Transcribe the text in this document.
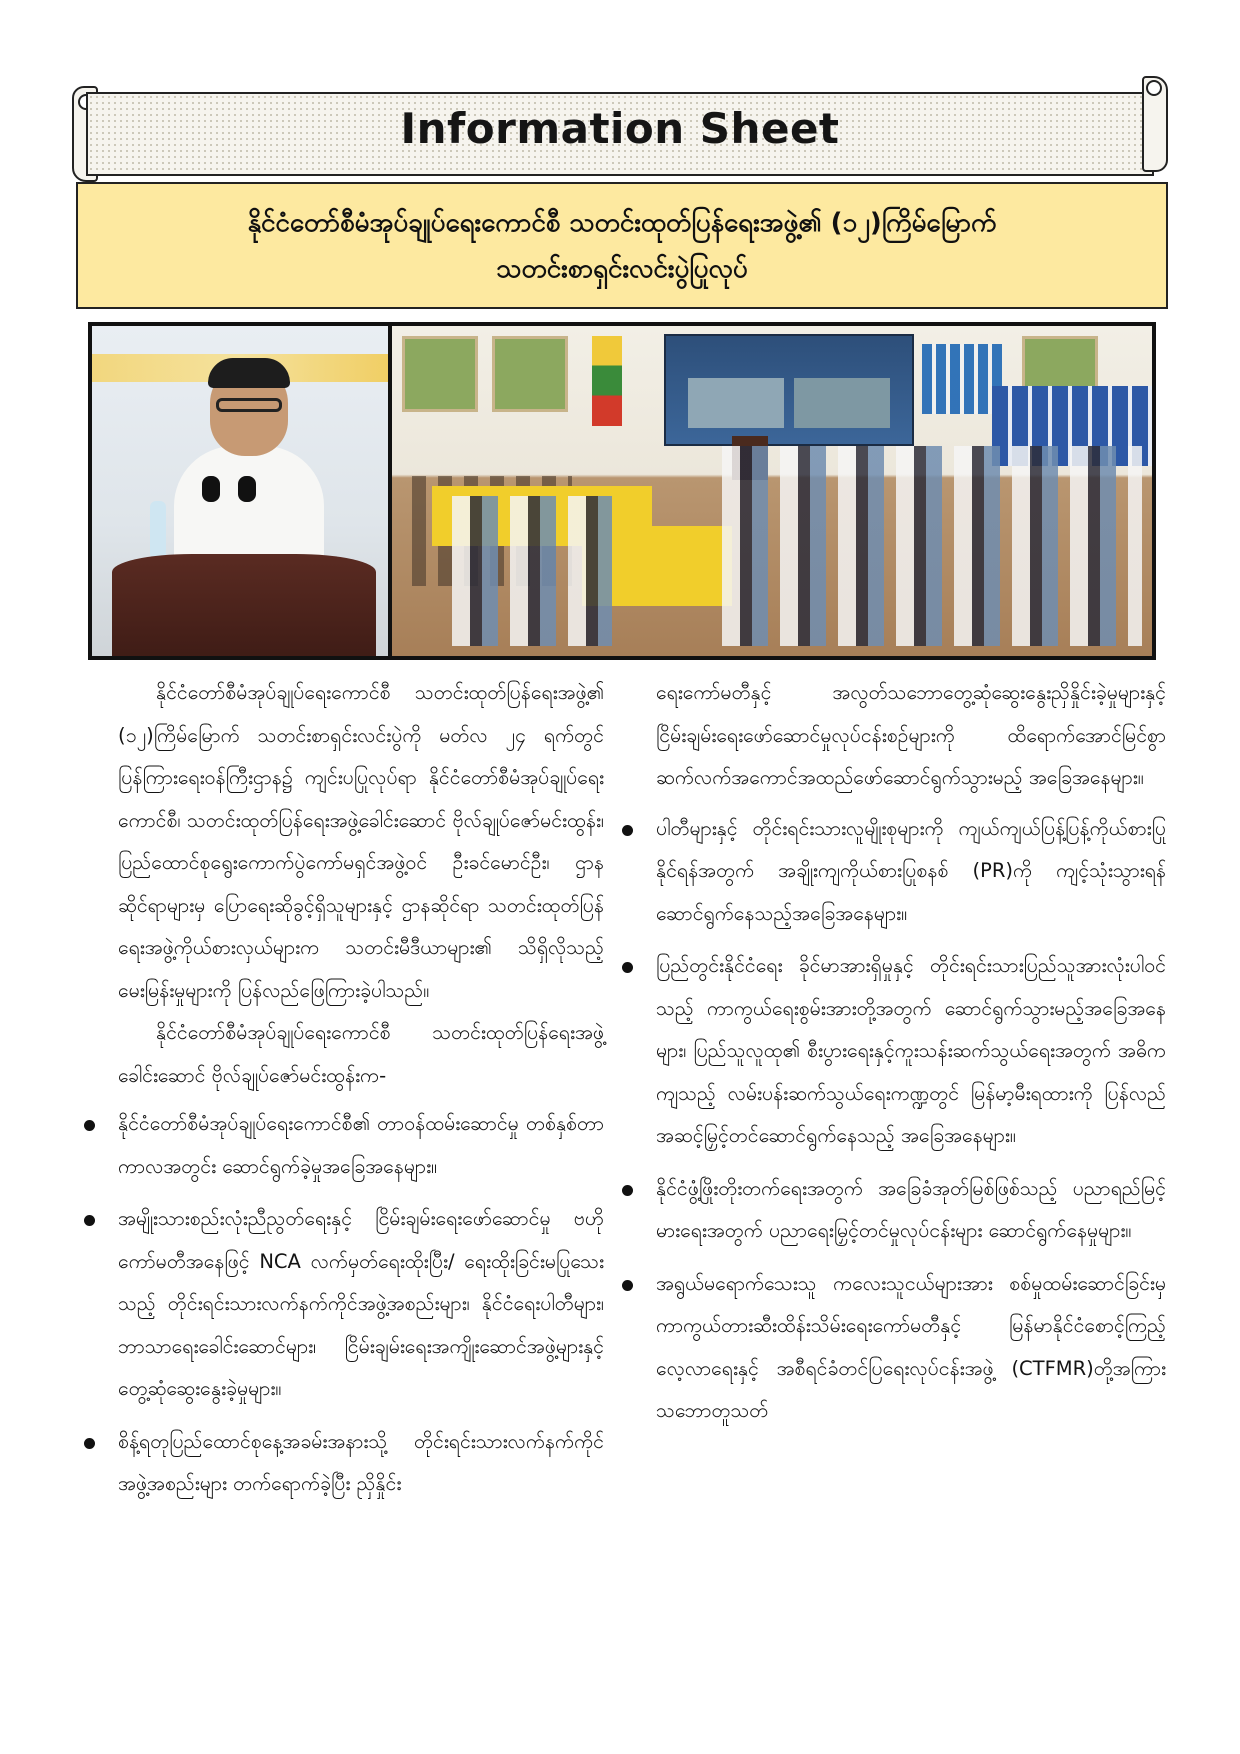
Information Sheet
နိုင်ငံတော်စီမံအုပ်ချုပ်ရေးကောင်စီ သတင်းထုတ်ပြန်ရေးအဖွဲ့၏ (၁၂)ကြိမ်မြောက်
သတင်းစာရှင်းလင်းပွဲပြုလုပ်

နိုင်ငံတော်စီမံအုပ်ချုပ်ရေးကောင်စီ သတင်းထုတ်ပြန်ရေးအဖွဲ့၏ (၁၂)ကြိမ်မြောက် သတင်းစာရှင်းလင်းပွဲကို မတ်လ ၂၄ ရက်တွင် ပြန်ကြားရေးဝန်ကြီးဌာန၌ ကျင်းပပြုလုပ်ရာ နိုင်ငံတော်စီမံအုပ်ချုပ်ရေးကောင်စီ၊ သတင်းထုတ်ပြန်ရေးအဖွဲ့ခေါင်းဆောင် ဗိုလ်ချုပ်ဇော်မင်းထွန်း၊ ပြည်ထောင်စုရွေးကောက်ပွဲကော်မရှင်အဖွဲ့ဝင် ဦးခင်မောင်ဦး၊ ဌာနဆိုင်ရာများမှ ပြောရေးဆိုခွင့်ရှိသူများနှင့် ဌာနဆိုင်ရာ သတင်းထုတ်ပြန်ရေးအဖွဲ့ကိုယ်စားလှယ်များက သတင်းမီဒီယာများ၏ သိရှိလိုသည့်မေးမြန်းမှုများကို ပြန်လည်ဖြေကြားခဲ့ပါသည်။

နိုင်ငံတော်စီမံအုပ်ချုပ်ရေးကောင်စီ သတင်းထုတ်ပြန်ရေးအဖွဲ့ခေါင်းဆောင် ဗိုလ်ချုပ်ဇော်မင်းထွန်းက-

နိုင်ငံတော်စီမံအုပ်ချုပ်ရေးကောင်စီ၏ တာဝန်ထမ်းဆောင်မှု တစ်နှစ်တာကာလအတွင်း ဆောင်ရွက်ခဲ့မှုအခြေအနေများ။
အမျိုးသားစည်းလုံးညီညွတ်ရေးနှင့် ငြိမ်းချမ်းရေးဖော်ဆောင်မှု ဗဟိုကော်မတီအနေဖြင့် NCA လက်မှတ်ရေးထိုးပြီး/ ရေးထိုးခြင်းမပြုသေးသည့် တိုင်းရင်းသားလက်နက်ကိုင်အဖွဲ့အစည်းများ၊ နိုင်ငံရေးပါတီများ၊ ဘာသာရေးခေါင်းဆောင်များ၊ ငြိမ်းချမ်းရေးအကျိုးဆောင်အဖွဲ့များနှင့် တွေ့ဆုံဆွေးနွေးခဲ့မှုများ။
စိန့်ရတုပြည်ထောင်စုနေ့အခမ်းအနားသို့ တိုင်းရင်းသားလက်နက်ကိုင်အဖွဲ့အစည်းများ တက်ရောက်ခဲ့ပြီး ညှိနှိုင်း

ရေးကော်မတီနှင့် အလွတ်သဘောတွေ့ဆုံဆွေးနွေးညှိနှိုင်းခဲ့မှုများနှင့် ငြိမ်းချမ်းရေးဖော်ဆောင်မှုလုပ်ငန်းစဉ်များကို ထိရောက်အောင်မြင်စွာ ဆက်လက်အကောင်အထည်ဖော်ဆောင်ရွက်သွားမည့် အခြေအနေများ။

ပါတီများနှင့် တိုင်းရင်းသားလူမျိုးစုများကို ကျယ်ကျယ်ပြန့်ပြန့်ကိုယ်စားပြုနိုင်ရန်အတွက် အချိုးကျကိုယ်စားပြုစနစ် (PR)ကို ကျင့်သုံးသွားရန် ဆောင်ရွက်နေသည့်အခြေအနေများ။
ပြည်တွင်းနိုင်ငံရေး ခိုင်မာအားရှိမှုနှင့် တိုင်းရင်းသားပြည်သူအားလုံးပါဝင်သည့် ကာကွယ်ရေးစွမ်းအားတို့အတွက် ဆောင်ရွက်သွားမည့်အခြေအနေများ၊ ပြည်သူလူထု၏ စီးပွားရေးနှင့်ကူးသန်းဆက်သွယ်ရေးအတွက် အဓိကကျသည့် လမ်းပန်းဆက်သွယ်ရေးကဏ္ဍတွင် မြန်မာ့မီးရထားကို ပြန်လည်အဆင့်မြှင့်တင်ဆောင်ရွက်နေသည့် အခြေအနေများ။
နိုင်ငံဖွံ့ဖြိုးတိုးတက်ရေးအတွက် အခြေခံအုတ်မြစ်ဖြစ်သည့် ပညာရည်မြင့်မားရေးအတွက် ပညာရေးမြှင့်တင်မှုလုပ်ငန်းများ ဆောင်ရွက်နေမှုများ။
အရွယ်မရောက်သေးသူ ကလေးသူငယ်များအား စစ်မှုထမ်းဆောင်ခြင်းမှ ကာကွယ်တားဆီးထိန်းသိမ်းရေးကော်မတီနှင့် မြန်မာနိုင်ငံစောင့်ကြည့်လေ့လာရေးနှင့် အစီရင်ခံတင်ပြရေးလုပ်ငန်းအဖွဲ့ (CTFMR)တို့အကြား သဘောတူသတ်
